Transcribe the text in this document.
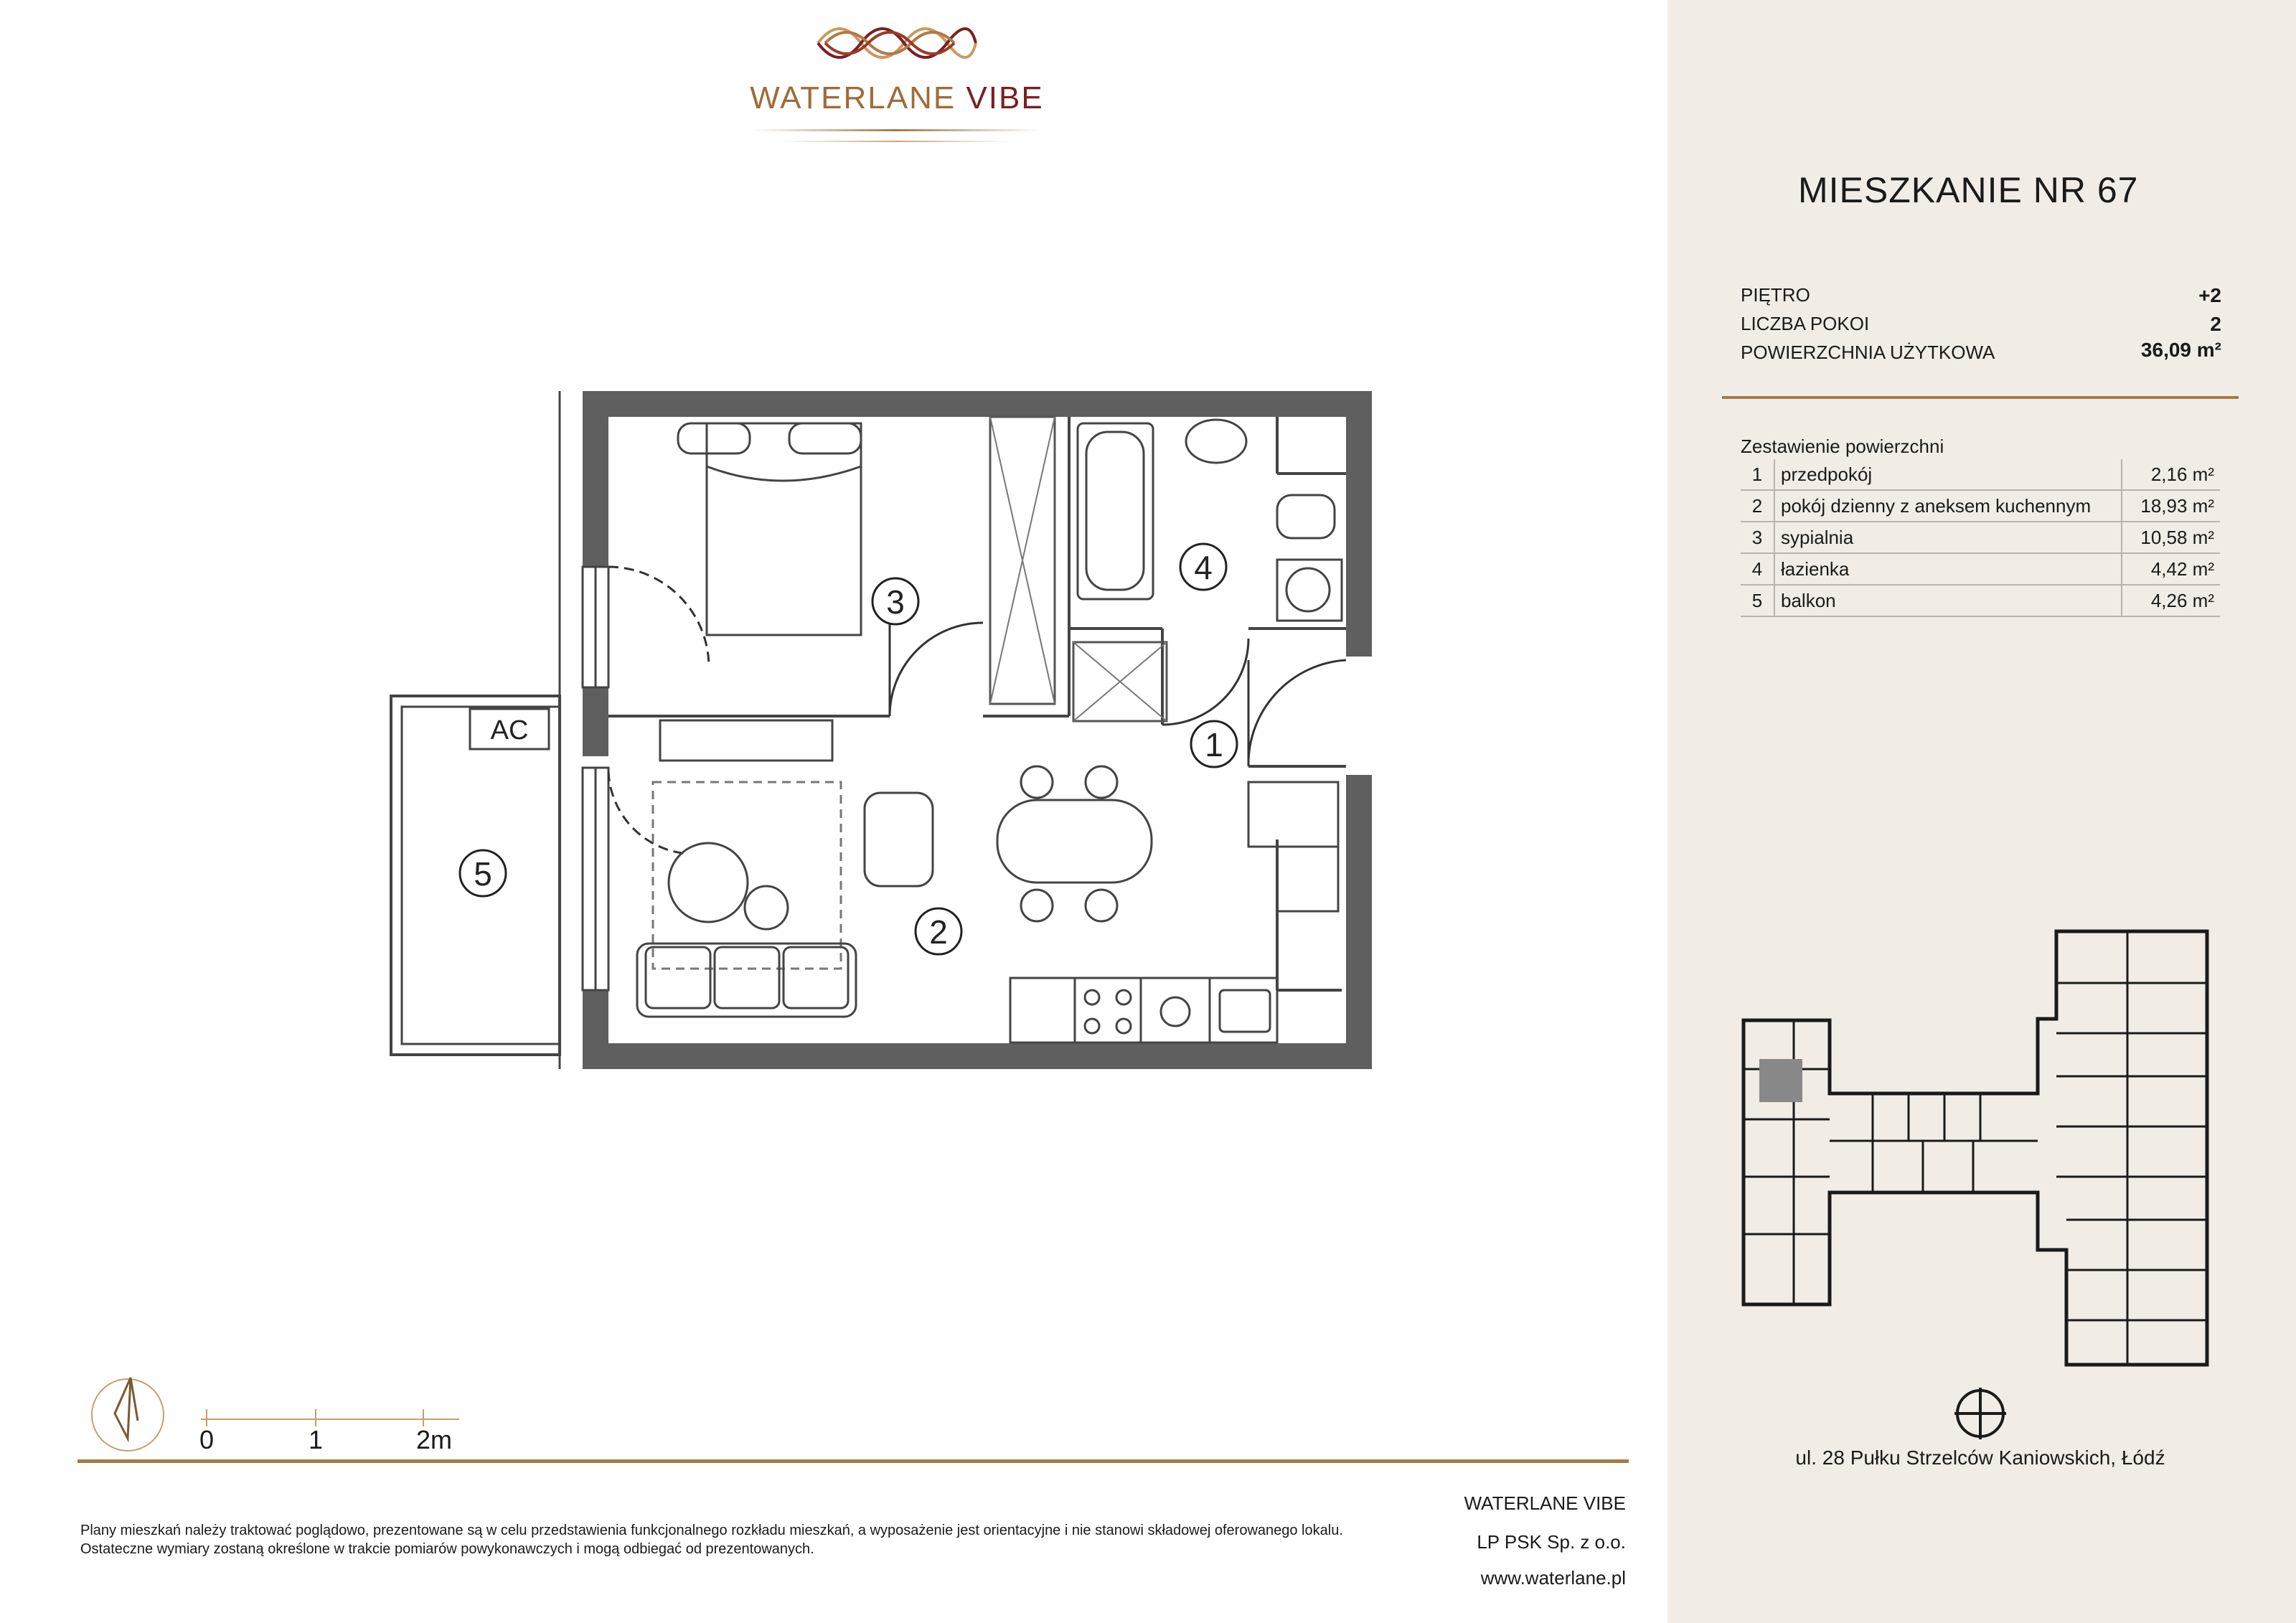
WATERLANE VIBE
1
2
3
4
5
AC
MIESZKANIE NR 67
PIĘTRO	+2
LICZBA POKOI	2
POWIERZCHNIA UŻYTKOWA	36,09 m²
Zestawienie powierzchni
1	przedpokój	2,16 m²
2	pokój dzienny z aneksem kuchennym	18,93 m²
3	sypialnia	10,58 m²
4	łazienka	4,42 m²
5	balkon	4,26 m²
ul. 28 Pułku Strzelców Kaniowskich, Łódź
0	1	2m
Plany mieszkań należy traktować poglądowo, prezentowane są w celu przedstawienia funkcjonalnego rozkładu mieszkań, a wyposażenie jest orientacyjne i nie stanowi składowej oferowanego lokalu.
Ostateczne wymiary zostaną określone w trakcie pomiarów powykonawczych i mogą odbiegać od prezentowanych.
WATERLANE VIBE
LP PSK Sp. z o.o.
www.waterlane.pl
